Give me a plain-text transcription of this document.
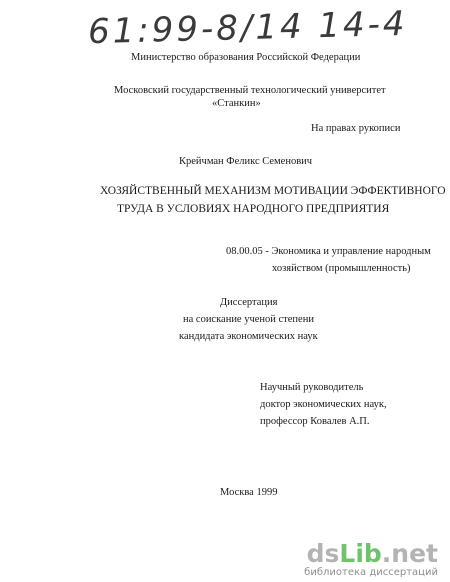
61:99-8/14 14-4
Министерство образования Российской Федерации
Московский государственный технологический университет
«Станкин»
На правах рукописи
Крейчман Феликс Семенович
ХОЗЯЙСТВЕННЫЙ МЕХАНИЗМ МОТИВАЦИИ ЭФФЕКТИВНОГО
ТРУДА В УСЛОВИЯХ НАРОДНОГО ПРЕДПРИЯТИЯ
08.00.05 - Экономика и управление народным
хозяйством (промышленность)
Диссертация
на соискание ученой степени
кандидата экономических наук
Научный руководитель
доктор экономических наук,
профессор Ковалев А.П.
Москва 1999
dsLib.net
библиотека диссертаций
